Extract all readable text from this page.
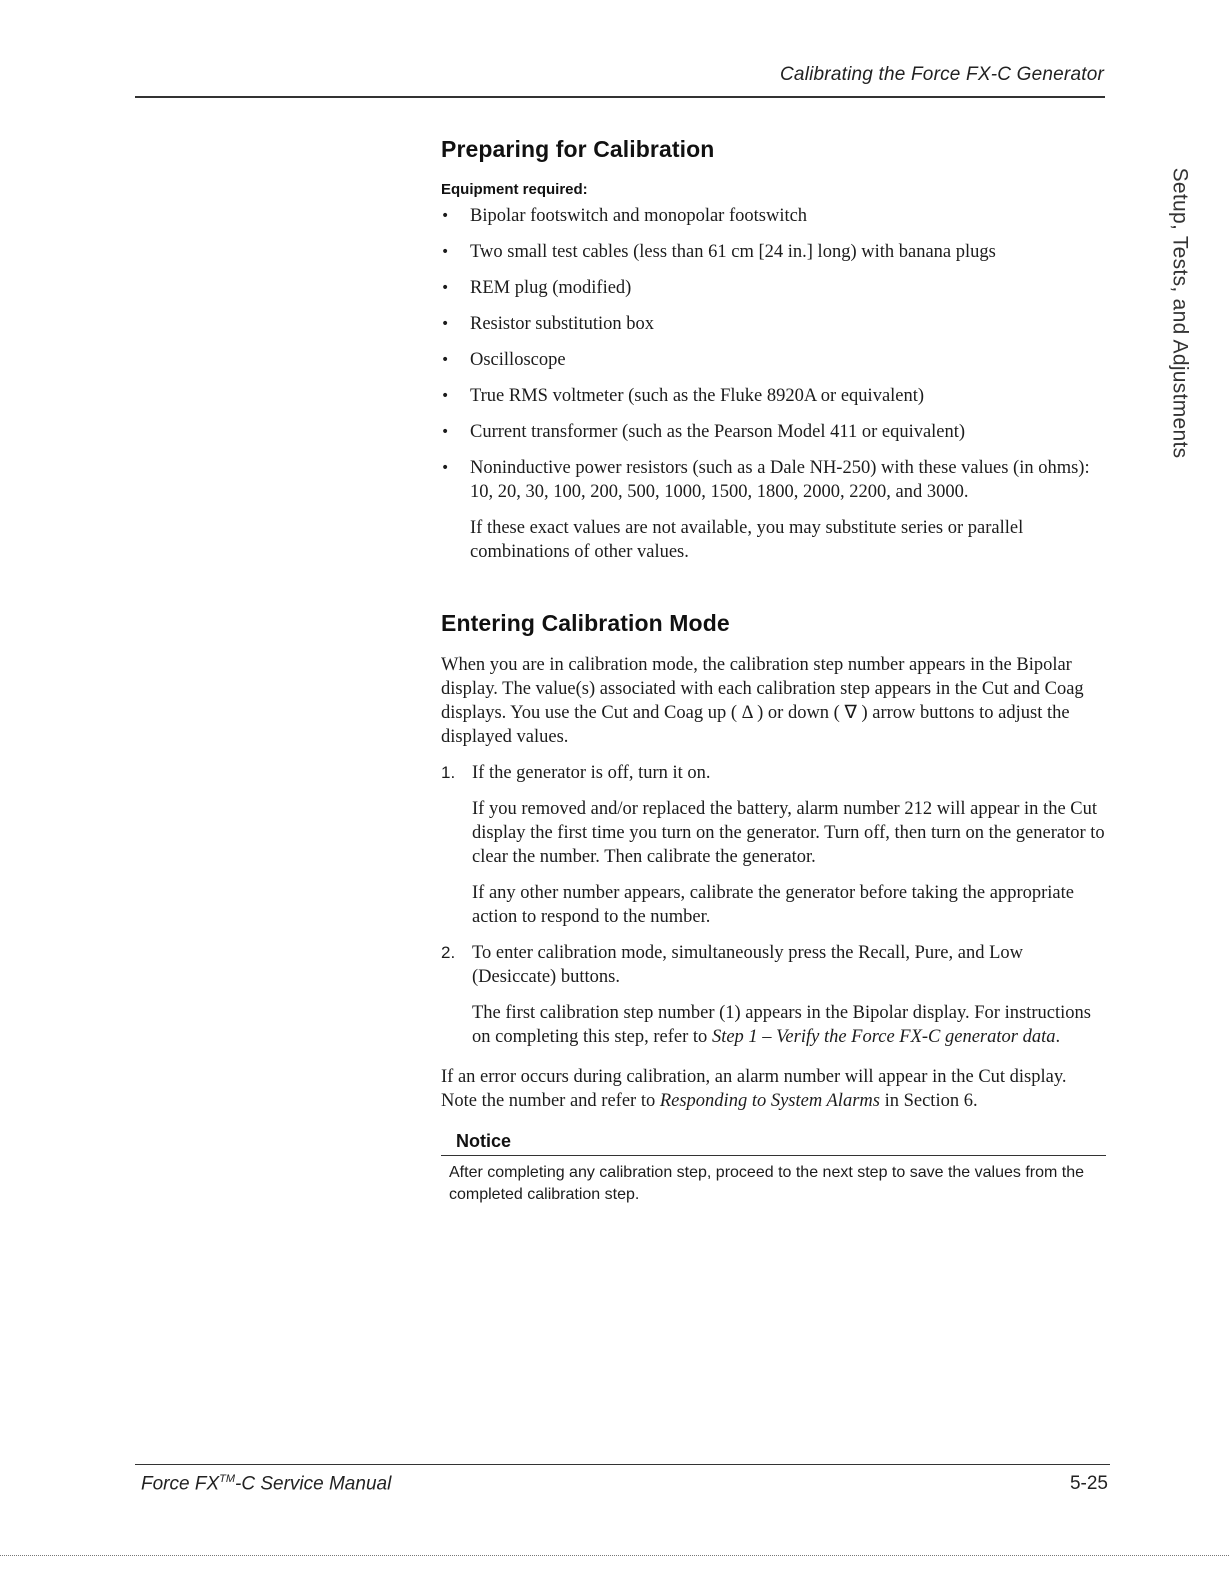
Calibrating the Force FX-C Generator
Setup, Tests, and Adjustments
Preparing for Calibration
Equipment required:
• Bipolar footswitch and monopolar footswitch
• Two small test cables (less than 61 cm [24 in.] long) with banana plugs
• REM plug (modified)
• Resistor substitution box
• Oscilloscope
• True RMS voltmeter (such as the Fluke 8920A or equivalent)
• Current transformer (such as the Pearson Model 411 or equivalent)
• Noninductive power resistors (such as a Dale NH-250) with these values (in ohms): 10, 20, 30, 100, 200, 500, 1000, 1500, 1800, 2000, 2200, and 3000.

If these exact values are not available, you may substitute series or parallel combinations of other values.

Entering Calibration Mode

When you are in calibration mode, the calibration step number appears in the Bipolar display. The value(s) associated with each calibration step appears in the Cut and Coag displays. You use the Cut and Coag up ( Δ ) or down ( ∇ ) arrow buttons to adjust the displayed values.

1. If the generator is off, turn it on.

If you removed and/or replaced the battery, alarm number 212 will appear in the Cut display the first time you turn on the generator. Turn off, then turn on the generator to clear the number. Then calibrate the generator.

If any other number appears, calibrate the generator before taking the appropriate action to respond to the number.

2. To enter calibration mode, simultaneously press the Recall, Pure, and Low (Desiccate) buttons.

The first calibration step number (1) appears in the Bipolar display. For instructions on completing this step, refer to Step 1 – Verify the Force FX-C generator data.

If an error occurs during calibration, an alarm number will appear in the Cut display. Note the number and refer to Responding to System Alarms in Section 6.

Notice
After completing any calibration step, proceed to the next step to save the values from the completed calibration step.
Force FX™-C Service Manual	5-25
